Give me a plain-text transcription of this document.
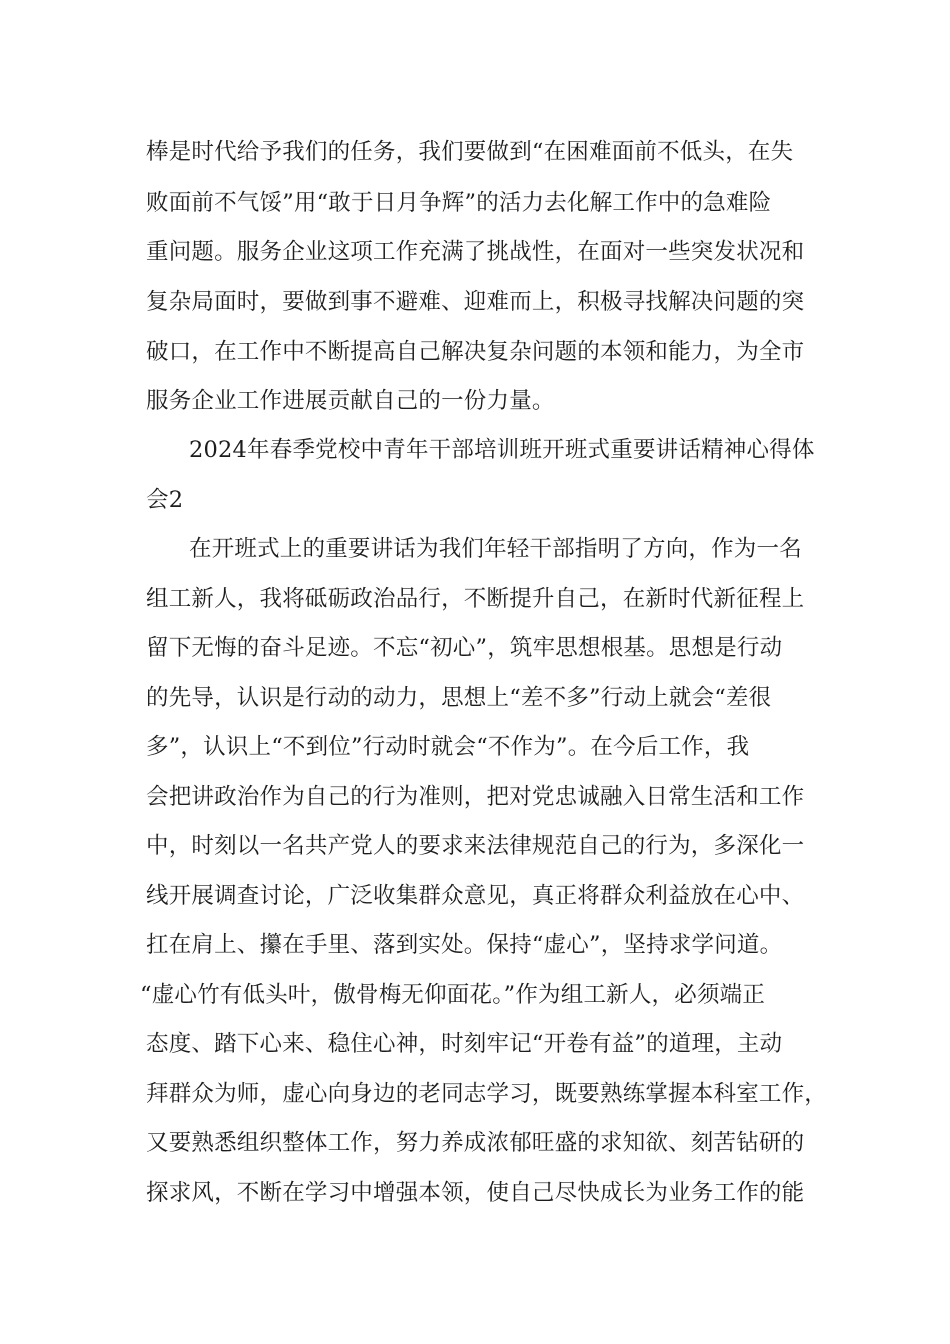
棒是时代给予我们的任务，我们要做到“在困难面前不低头，在失
败面前不气馁”用“敢于日月争辉”的活力去化解工作中的急难险
重问题。服务企业这项工作充满了挑战性，在面对一些突发状况和
复杂局面时，要做到事不避难、迎难而上，积极寻找解决问题的突
破口，在工作中不断提高自己解决复杂问题的本领和能力，为全市
服务企业工作进展贡献自己的一份力量。
2024年春季党校中青年干部培训班开班式重要讲话精神心得体
会2
在开班式上的重要讲话为我们年轻干部指明了方向，作为一名
组工新人，我将砥砺政治品行，不断提升自己，在新时代新征程上
留下无悔的奋斗足迹。不忘“初心”，筑牢思想根基。思想是行动
的先导，认识是行动的动力，思想上“差不多”行动上就会“差很
多”，认识上“不到位”行动时就会“不作为”。在今后工作，我
会把讲政治作为自己的行为准则，把对党忠诚融入日常生活和工作
中，时刻以一名共产党人的要求来法律规范自己的行为，多深化一
线开展调查讨论，广泛收集群众意见，真正将群众利益放在心中、
扛在肩上、攥在手里、落到实处。保持“虚心”，坚持求学问道。
“虚心竹有低头叶，傲骨梅无仰面花。”作为组工新人，必须端正
态度、踏下心来、稳住心神，时刻牢记“开卷有益”的道理，主动
拜群众为师，虚心向身边的老同志学习，既要熟练掌握本科室工作，
又要熟悉组织整体工作，努力养成浓郁旺盛的求知欲、刻苦钻研的
探求风，不断在学习中增强本领，使自己尽快成长为业务工作的能
